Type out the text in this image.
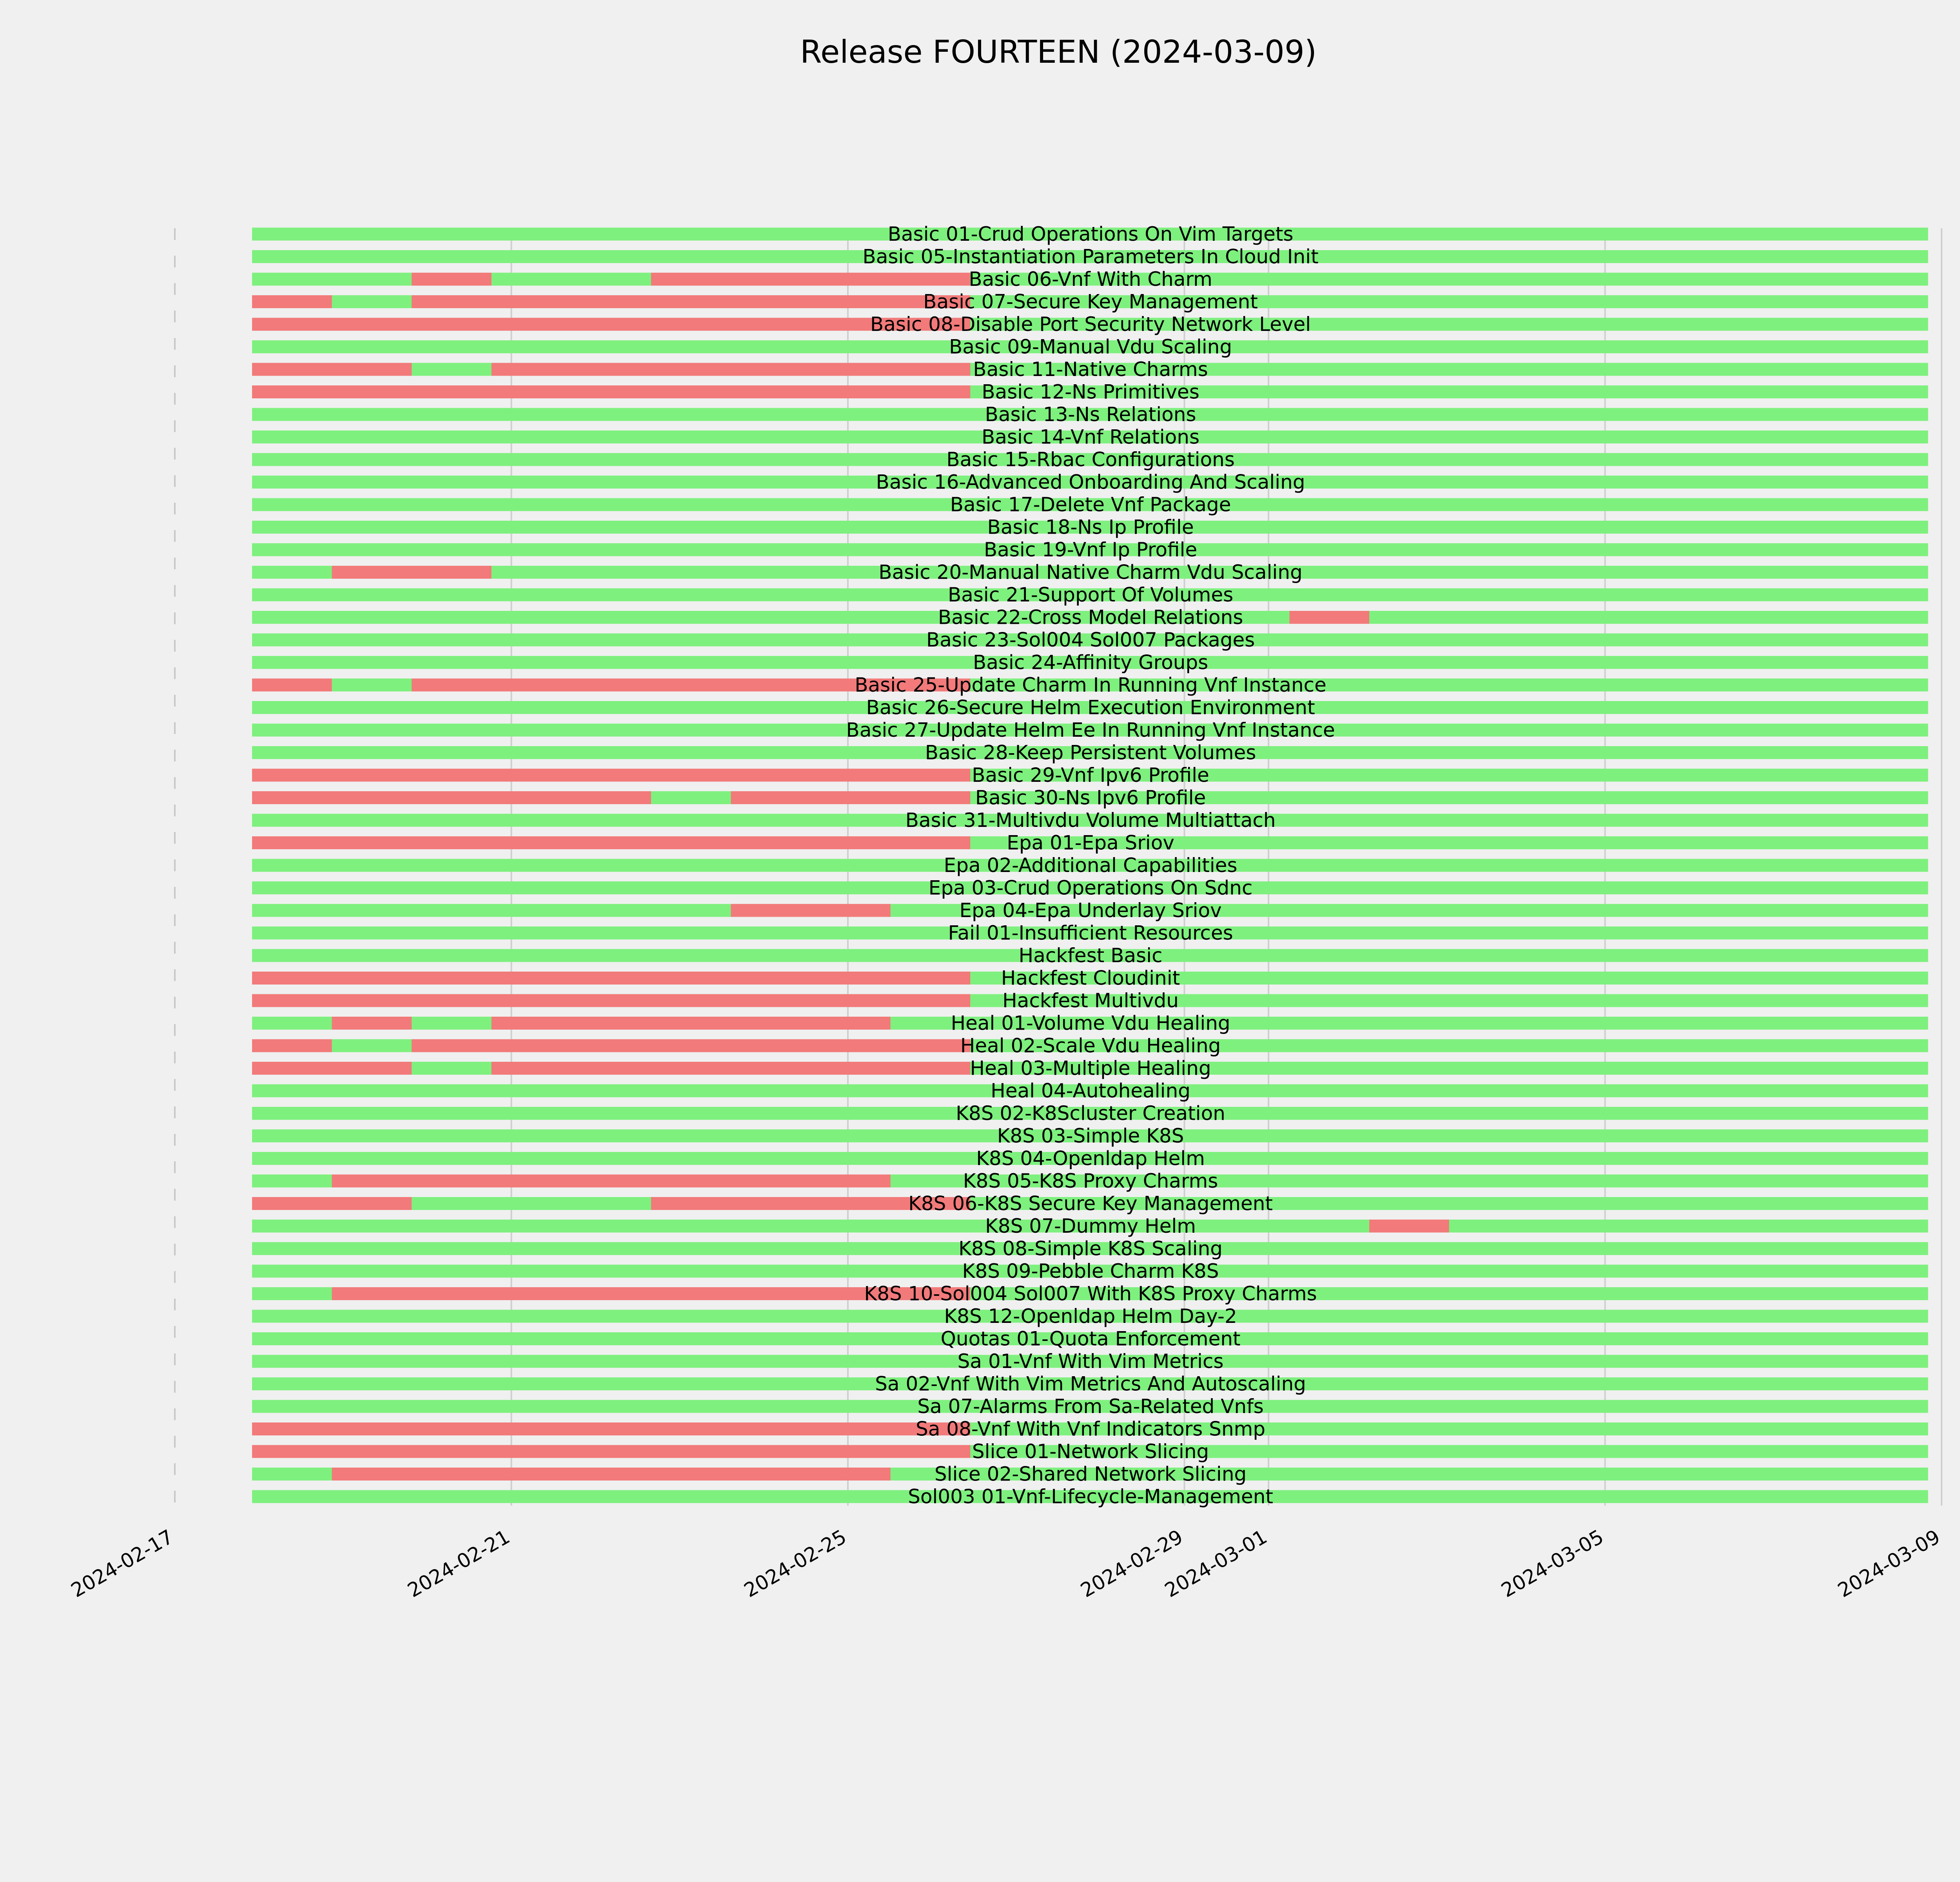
Release FOURTEEN (2024-03-09)
Basic 01-Crud Operations On Vim Targets
Basic 05-Instantiation Parameters In Cloud Init
Basic 06-Vnf With Charm
Basic 07-Secure Key Management
Basic 08-Disable Port Security Network Level
Basic 09-Manual Vdu Scaling
Basic 11-Native Charms
Basic 12-Ns Primitives
Basic 13-Ns Relations
Basic 14-Vnf Relations
Basic 15-Rbac Configurations
Basic 16-Advanced Onboarding And Scaling
Basic 17-Delete Vnf Package
Basic 18-Ns Ip Profile
Basic 19-Vnf Ip Profile
Basic 20-Manual Native Charm Vdu Scaling
Basic 21-Support Of Volumes
Basic 22-Cross Model Relations
Basic 23-Sol004 Sol007 Packages
Basic 24-Affinity Groups
Basic 25-Update Charm In Running Vnf Instance
Basic 26-Secure Helm Execution Environment
Basic 27-Update Helm Ee In Running Vnf Instance
Basic 28-Keep Persistent Volumes
Basic 29-Vnf Ipv6 Profile
Basic 30-Ns Ipv6 Profile
Basic 31-Multivdu Volume Multiattach
Epa 01-Epa Sriov
Epa 02-Additional Capabilities
Epa 03-Crud Operations On Sdnc
Epa 04-Epa Underlay Sriov
Fail 01-Insufficient Resources
Hackfest Basic
Hackfest Cloudinit
Hackfest Multivdu
Heal 01-Volume Vdu Healing
Heal 02-Scale Vdu Healing
Heal 03-Multiple Healing
Heal 04-Autohealing
K8S 02-K8Scluster Creation
K8S 03-Simple K8S
K8S 04-Openldap Helm
K8S 05-K8S Proxy Charms
K8S 06-K8S Secure Key Management
K8S 07-Dummy Helm
K8S 08-Simple K8S Scaling
K8S 09-Pebble Charm K8S
K8S 10-Sol004 Sol007 With K8S Proxy Charms
K8S 12-Openldap Helm Day-2
Quotas 01-Quota Enforcement
Sa 01-Vnf With Vim Metrics
Sa 02-Vnf With Vim Metrics And Autoscaling
Sa 07-Alarms From Sa-Related Vnfs
Sa 08-Vnf With Vnf Indicators Snmp
Slice 01-Network Slicing
Slice 02-Shared Network Slicing
Sol003 01-Vnf-Lifecycle-Management
2024-02-17	2024-02-21	2024-02-25	2024-02-29
2024-03-01	2024-03-05	2024-03-09
